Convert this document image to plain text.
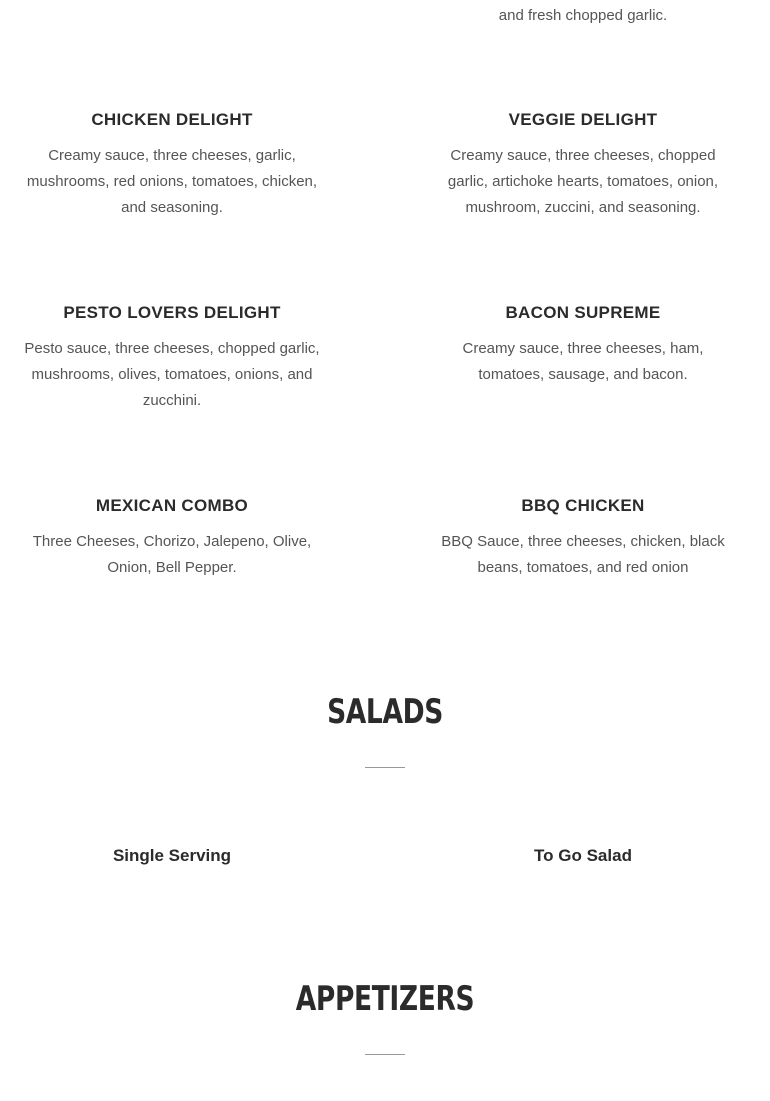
and fresh chopped garlic.

CHICKEN DELIGHT

Creamy sauce, three cheeses, garlic, mushrooms, red onions, tomatoes, chicken, and seasoning.

VEGGIE DELIGHT

Creamy sauce, three cheeses, chopped garlic, artichoke hearts, tomatoes, onion, mushroom, zuccini, and seasoning.

PESTO LOVERS DELIGHT

Pesto sauce, three cheeses, chopped garlic, mushrooms, olives, tomatoes, onions, and zucchini.

BACON SUPREME

Creamy sauce, three cheeses, ham, tomatoes, sausage, and bacon.

MEXICAN COMBO

Three Cheeses, Chorizo, Jalepeno, Olive, Onion, Bell Pepper.

BBQ CHICKEN

BBQ Sauce, three cheeses, chicken, black beans, tomatoes, and red onion

SALADS
Single Serving	To Go Salad
APPETIZERS
